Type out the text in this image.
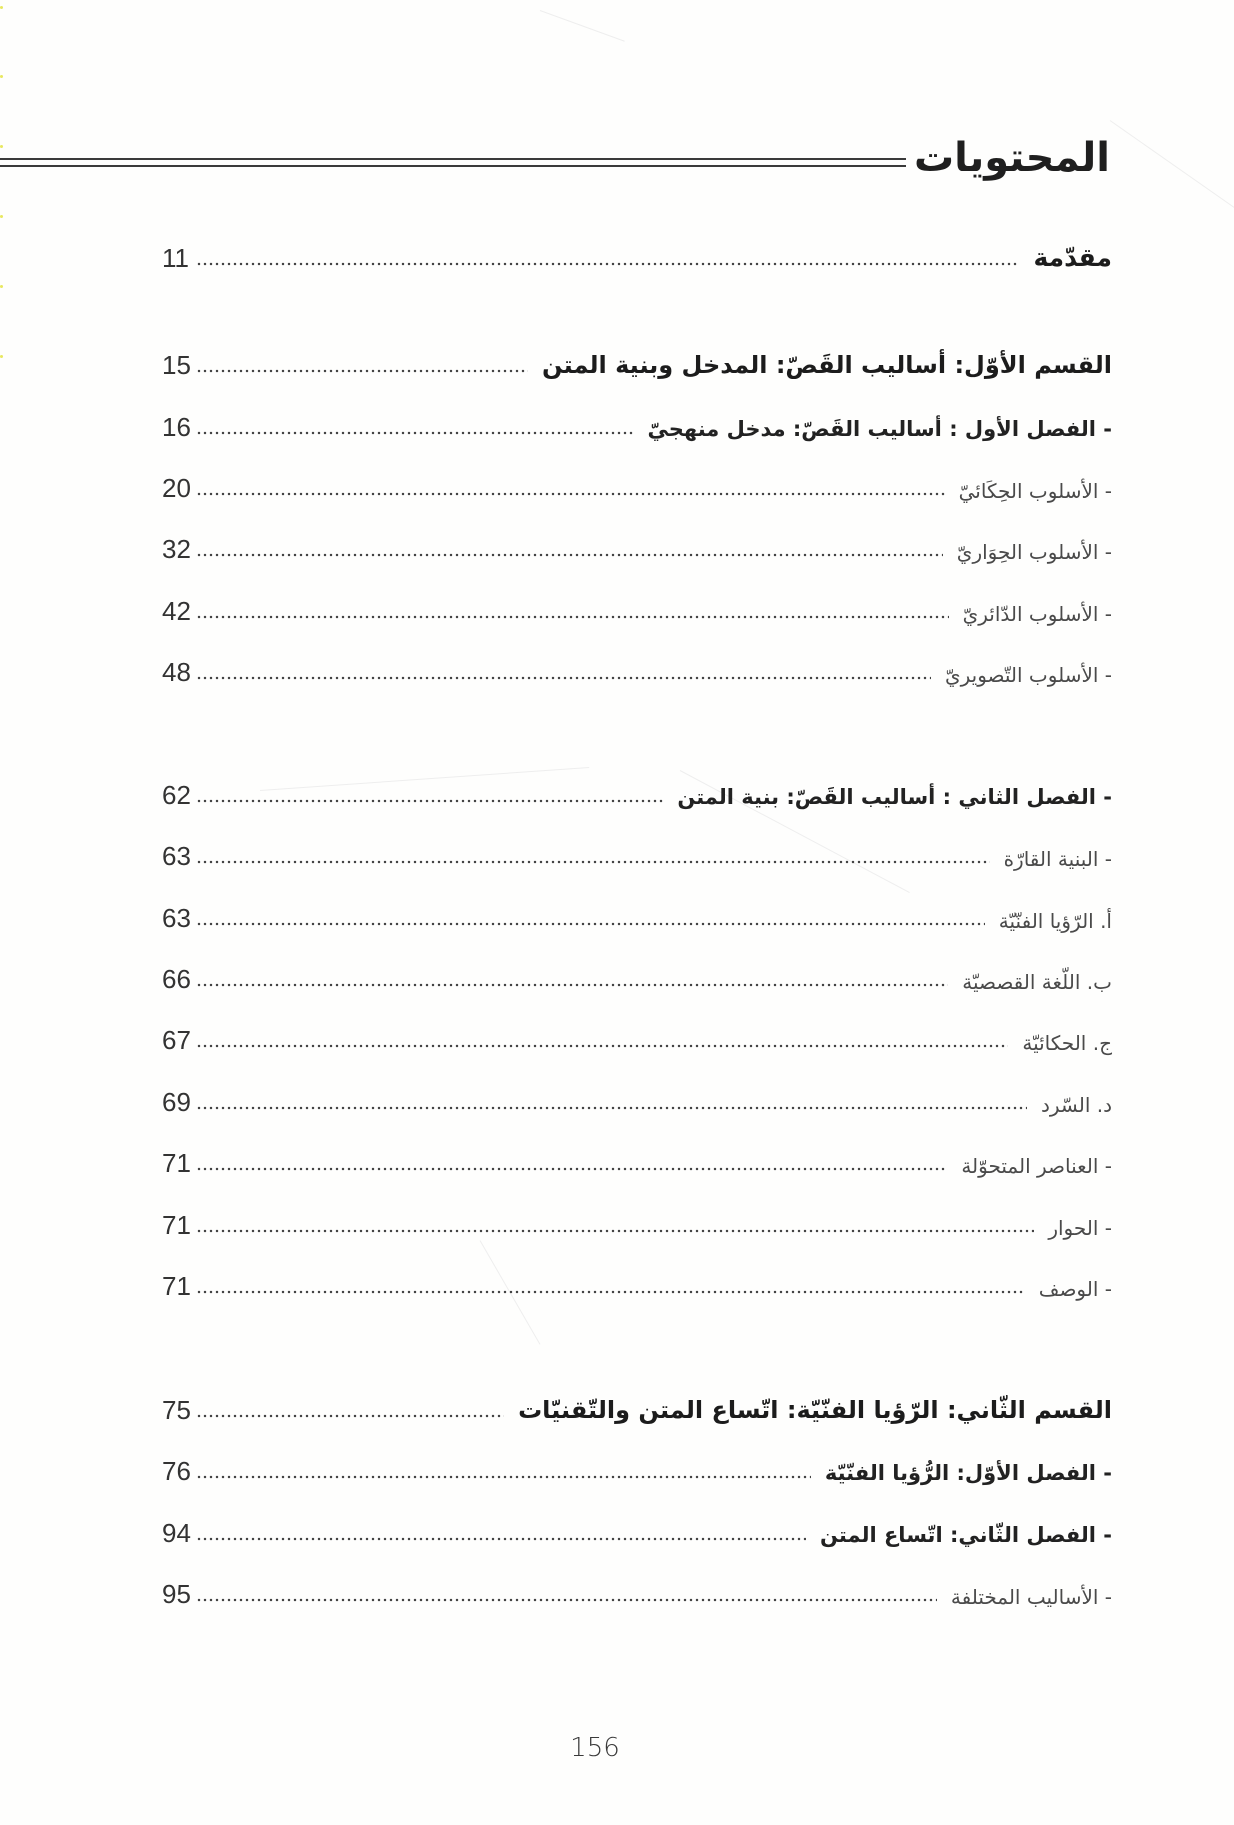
المحتويات
11	مقدّمة
15	القسم الأوّل: أساليب القَصّ: المدخل وبنية المتن
16	- الفصل الأول : أساليب القَصّ: مدخل منهجيّ
20	- الأسلوب الحِكَائيّ
32	- الأسلوب الحِوَاريّ
42	- الأسلوب الدّائريّ
48	- الأسلوب التّصويريّ
62	- الفصل الثاني : أساليب القَصّ: بنية المتن
63	- البنية القارّة
63	أ. الرّؤيا الفنّيّة
66	ب. اللّغة القصصيّة
67	ج. الحكائيّة
69	د. السّرد
71	- العناصر المتحوّلة
71	- الحوار
71	- الوصف
75	القسم الثّاني: الرّؤيا الفنّيّة: اتّساع المتن والتّقنيّات
76	- الفصل الأوّل: الرُّؤيا الفنّيّة
94	- الفصل الثّاني: اتّساع المتن
95	- الأساليب المختلفة
156
